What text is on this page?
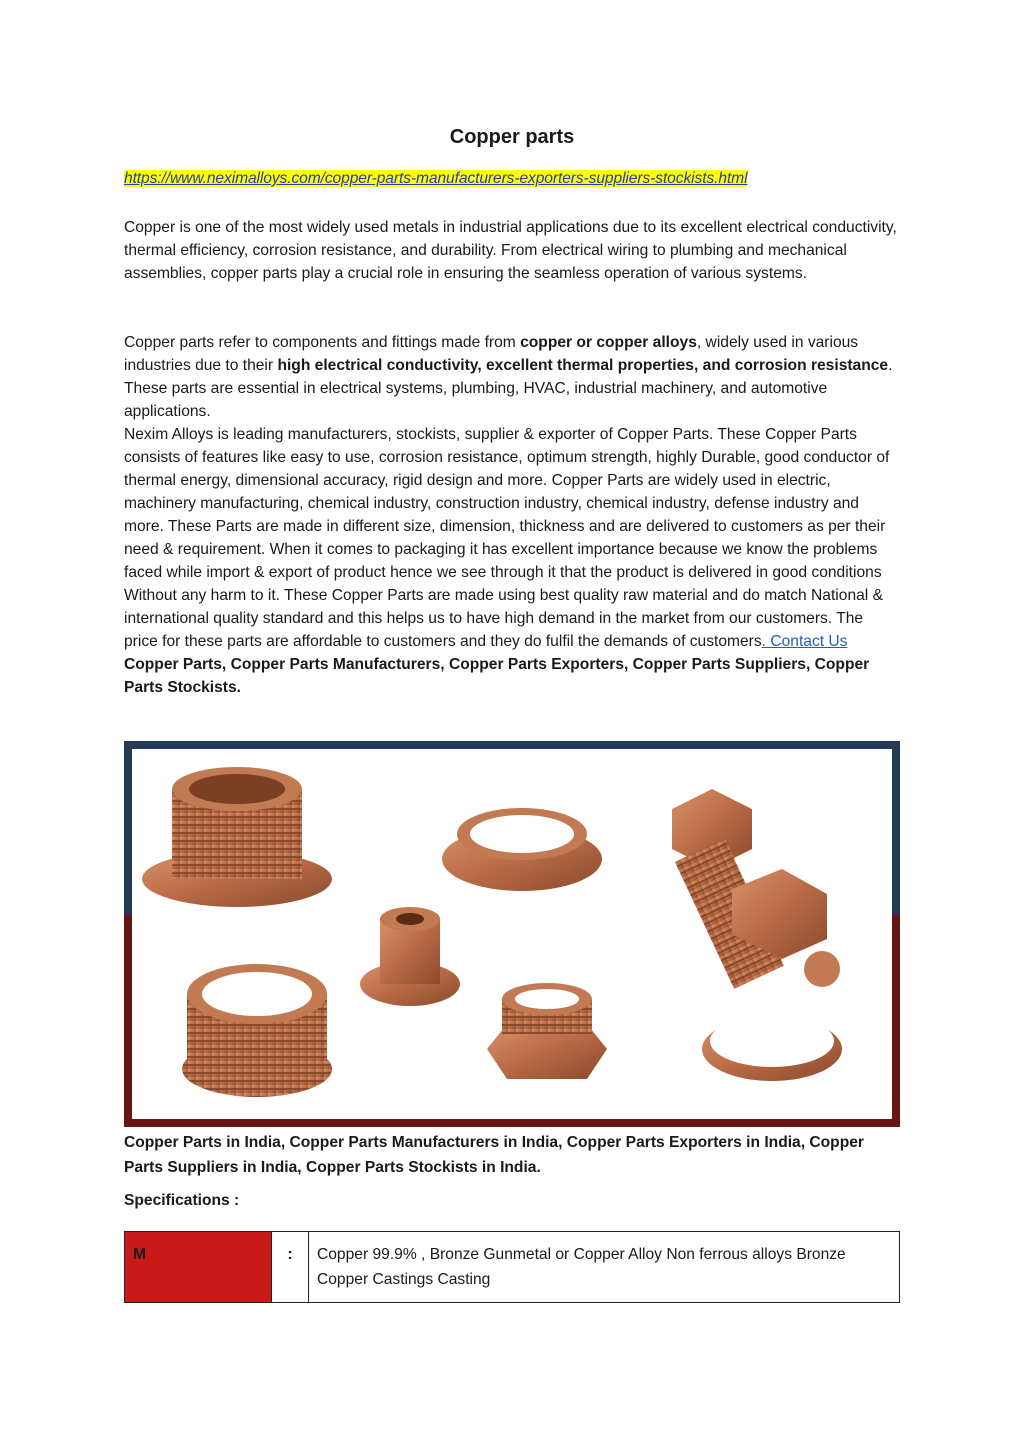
Copper parts
https://www.neximalloys.com/copper-parts-manufacturers-exporters-suppliers-stockists.html

Copper is one of the most widely used metals in industrial applications due to its excellent electrical conductivity, thermal efficiency, corrosion resistance, and durability. From electrical wiring to plumbing and mechanical assemblies, copper parts play a crucial role in ensuring the seamless operation of various systems.

Copper parts refer to components and fittings made from copper or copper alloys, widely used in various industries due to their high electrical conductivity, excellent thermal properties, and corrosion resistance. These parts are essential in electrical systems, plumbing, HVAC, industrial machinery, and automotive applications.
Nexim Alloys is leading manufacturers, stockists, supplier & exporter of Copper Parts. These Copper Parts consists of features like easy to use, corrosion resistance, optimum strength, highly Durable, good conductor of thermal energy, dimensional accuracy, rigid design and more. Copper Parts are widely used in electric, machinery manufacturing, chemical industry, construction industry, chemical industry, defense industry and more. These Parts are made in different size, dimension, thickness and are delivered to customers as per their need & requirement. When it comes to packaging it has excellent importance because we know the problems faced while import & export of product hence we see through it that the product is delivered in good conditions Without any harm to it. These Copper Parts are made using best quality raw material and do match National & international quality standard and this helps us to have high demand in the market from our customers. The price for these parts are affordable to customers and they do fulfil the demands of customers. Contact Us
Copper Parts, Copper Parts Manufacturers, Copper Parts Exporters, Copper Parts Suppliers, Copper Parts Stockists.

Copper Parts in India, Copper Parts Manufacturers in India, Copper Parts Exporters in India, Copper Parts Suppliers in India, Copper Parts Stockists in India.

Specifications :

M	:	Copper 99.9% , Bronze Gunmetal or Copper Alloy Non ferrous alloys Bronze Copper Castings Casting
